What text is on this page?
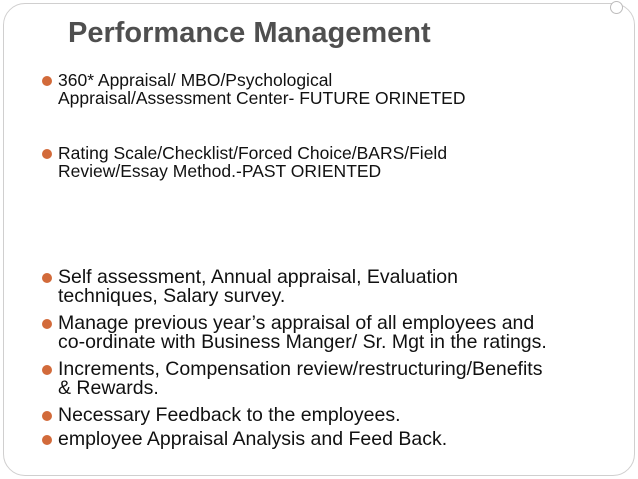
Performance Management
360* Appraisal/ MBO/Psychological
Appraisal/Assessment Center- FUTURE ORINETED
Rating Scale/Checklist/Forced Choice/BARS/Field
Review/Essay Method.-PAST ORIENTED
Self assessment, Annual appraisal, Evaluation
techniques, Salary survey.
Manage previous year’s appraisal of all employees and
co-ordinate with Business Manger/ Sr. Mgt in the ratings.
Increments, Compensation review/restructuring/Benefits
& Rewards.
Necessary Feedback to the employees.
employee Appraisal Analysis and Feed Back.
